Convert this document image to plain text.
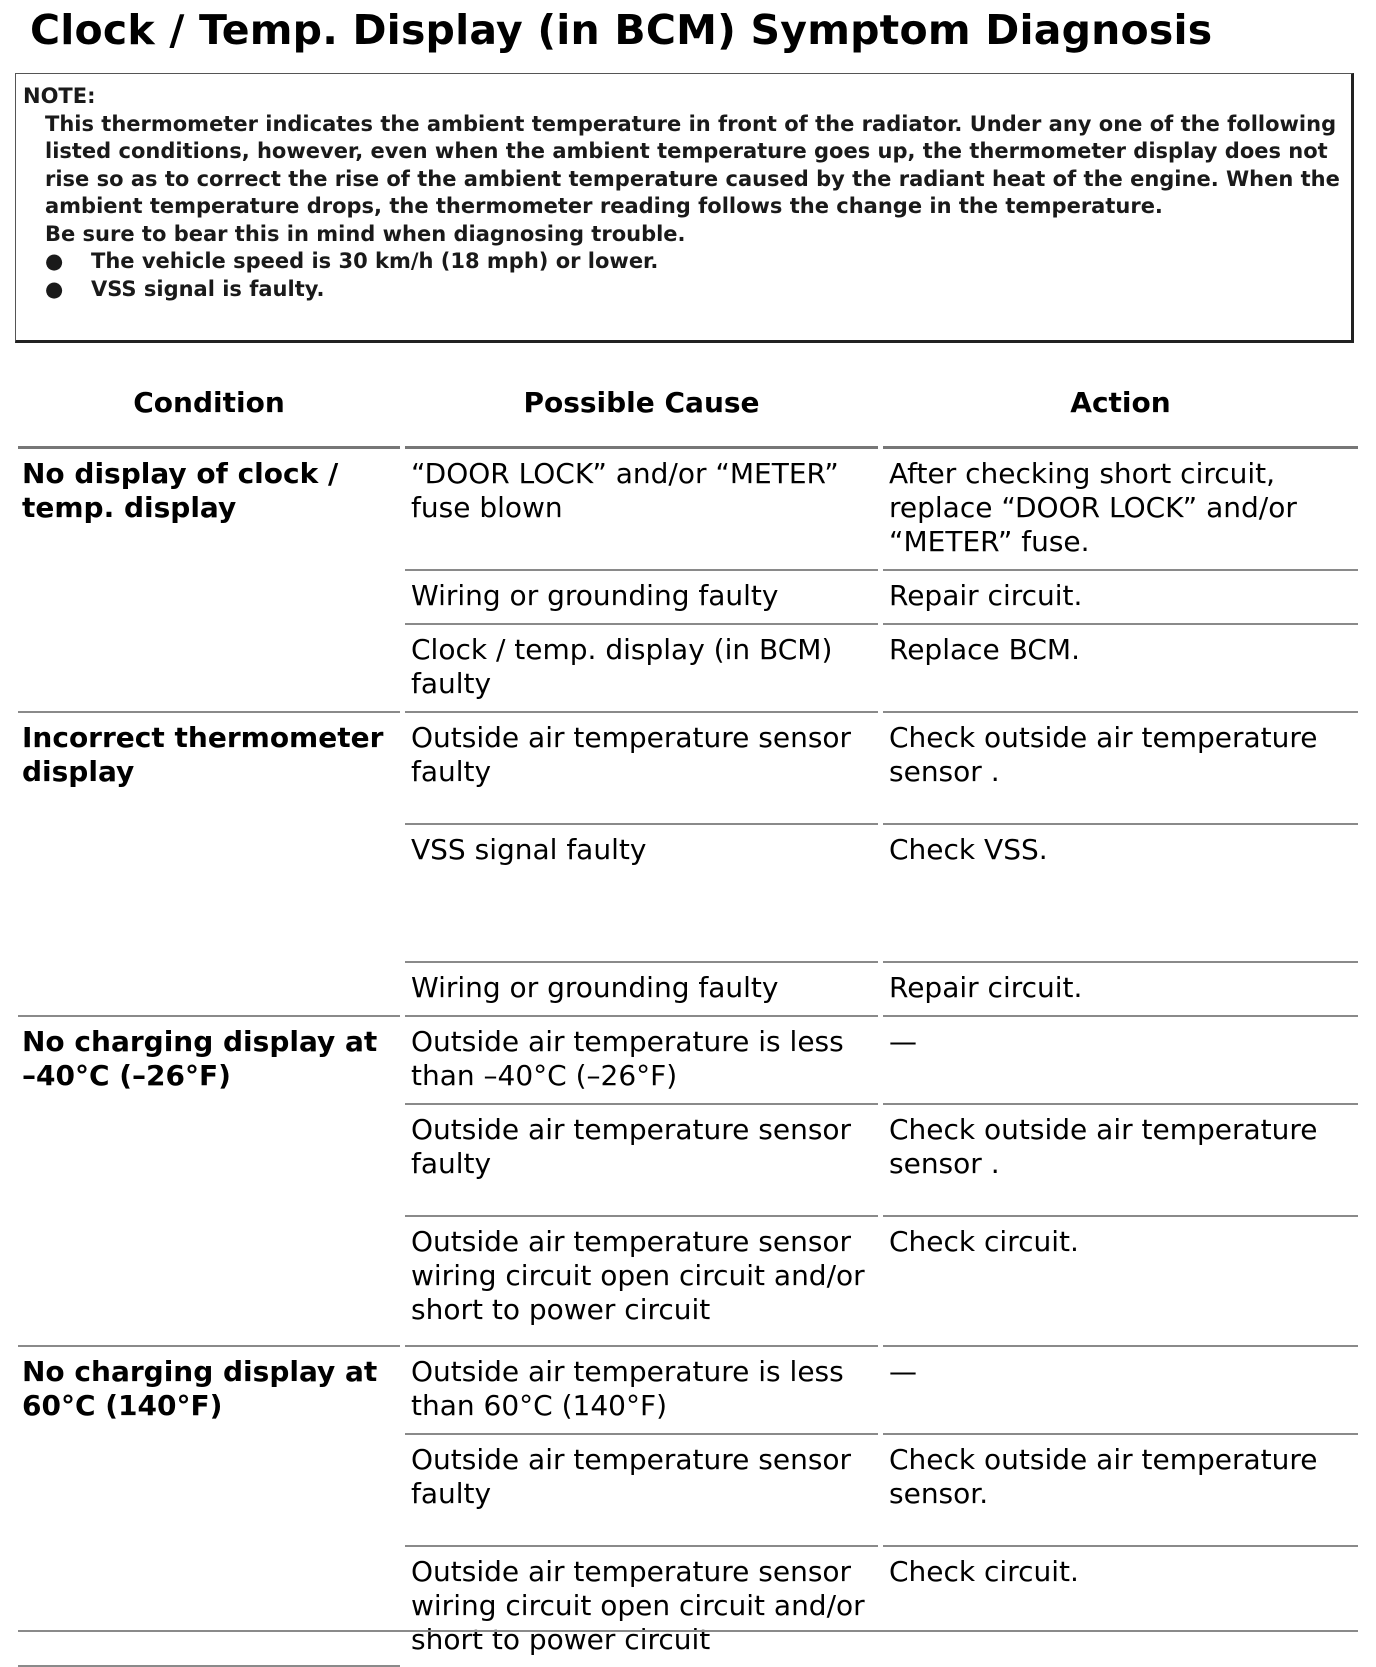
Clock / Temp. Display (in BCM) Symptom Diagnosis
NOTE:
This thermometer indicates the ambient temperature in front of the radiator. Under any one of the following listed conditions, however, even when the ambient temperature goes up, the thermometer display does not rise so as to correct the rise of the ambient temperature caused by the radiant heat of the engine. When the ambient temperature drops, the thermometer reading follows the change in the temperature.
Be sure to bear this in mind when diagnosing trouble.
● The vehicle speed is 30 km/h (18 mph) or lower.
● VSS signal is faulty.
Condition		Possible Cause		Action
No display of clock / temp. display		“DOOR LOCK” and/or “METER” fuse blown		After checking short circuit, replace “DOOR LOCK” and/or “METER” fuse.
		Wiring or grounding faulty		Repair circuit.
		Clock / temp. display (in BCM) faulty		Replace BCM.
Incorrect thermometer display		Outside air temperature sensor faulty		Check outside air temperature sensor .
		VSS signal faulty		Check VSS.
		Wiring or grounding faulty		Repair circuit.
No charging display at –40°C (–26°F)		Outside air temperature is less than –40°C (–26°F)		—
		Outside air temperature sensor faulty		Check outside air temperature sensor .
		Outside air temperature sensor wiring circuit open circuit and/or short to power circuit		Check circuit.
No charging display at 60°C (140°F)		Outside air temperature is less than 60°C (140°F)		—
		Outside air temperature sensor faulty		Check outside air temperature sensor.
		Outside air temperature sensor wiring circuit open circuit and/or short to power circuit		Check circuit.
